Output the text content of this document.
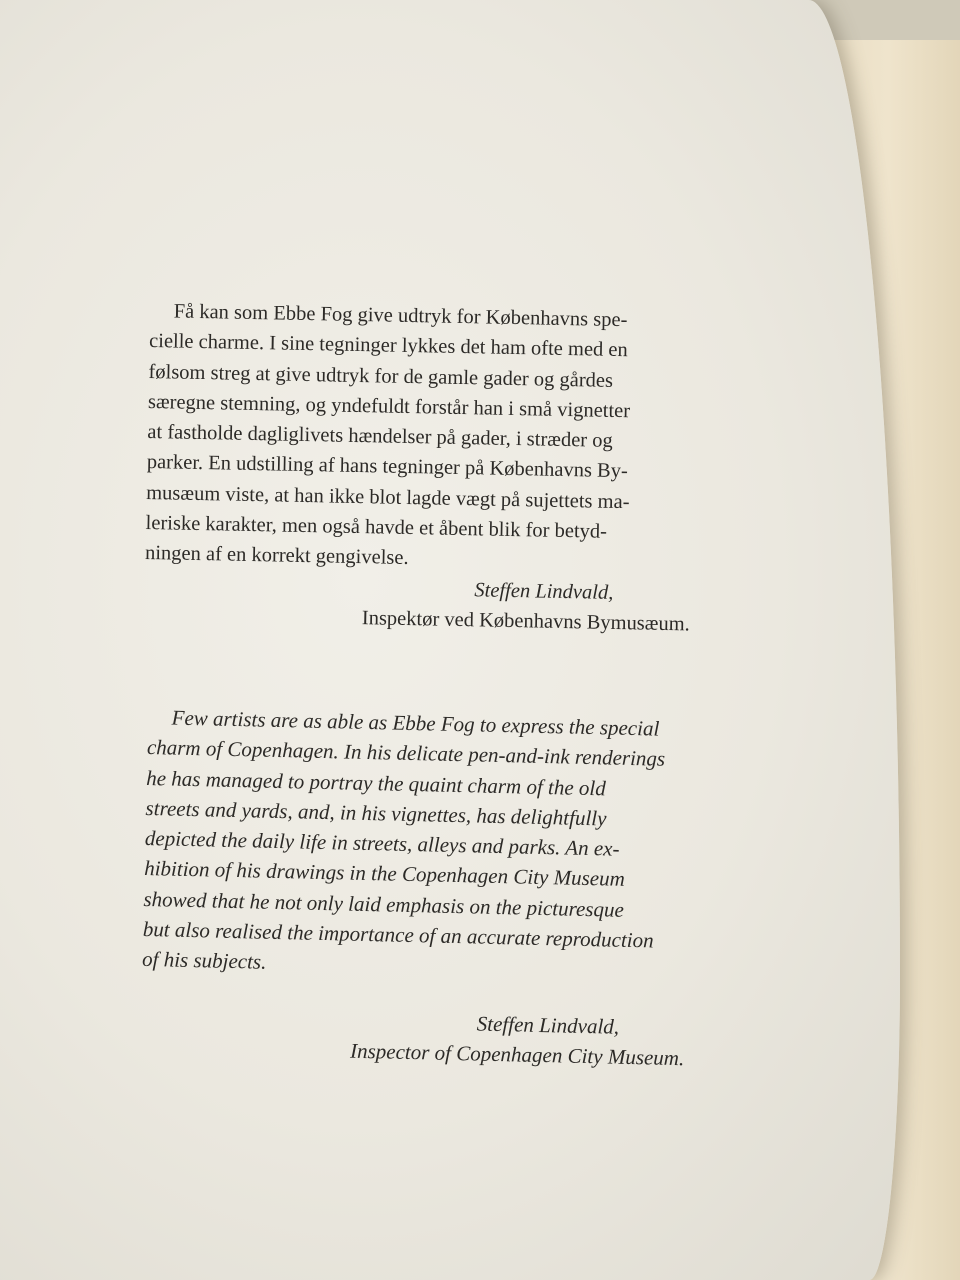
Få kan som Ebbe Fog give udtryk for Københavns spe-
cielle charme. I sine tegninger lykkes det ham ofte med en
følsom streg at give udtryk for de gamle gader og gårdes
særegne stemning, og yndefuldt forstår han i små vignetter
at fastholde dagliglivets hændelser på gader, i stræder og
parker. En udstilling af hans tegninger på Københavns By-
musæum viste, at han ikke blot lagde vægt på sujettets ma-
leriske karakter, men også havde et åbent blik for betyd-
ningen af en korrekt gengivelse.
Steffen Lindvald,
Inspektør ved Københavns Bymusæum.
Few artists are as able as Ebbe Fog to express the special
charm of Copenhagen. In his delicate pen-and-ink renderings
he has managed to portray the quaint charm of the old
streets and yards, and, in his vignettes, has delightfully
depicted the daily life in streets, alleys and parks. An ex-
hibition of his drawings in the Copenhagen City Museum
showed that he not only laid emphasis on the picturesque
but also realised the importance of an accurate reproduction
of his subjects.
Steffen Lindvald,
Inspector of Copenhagen City Museum.
